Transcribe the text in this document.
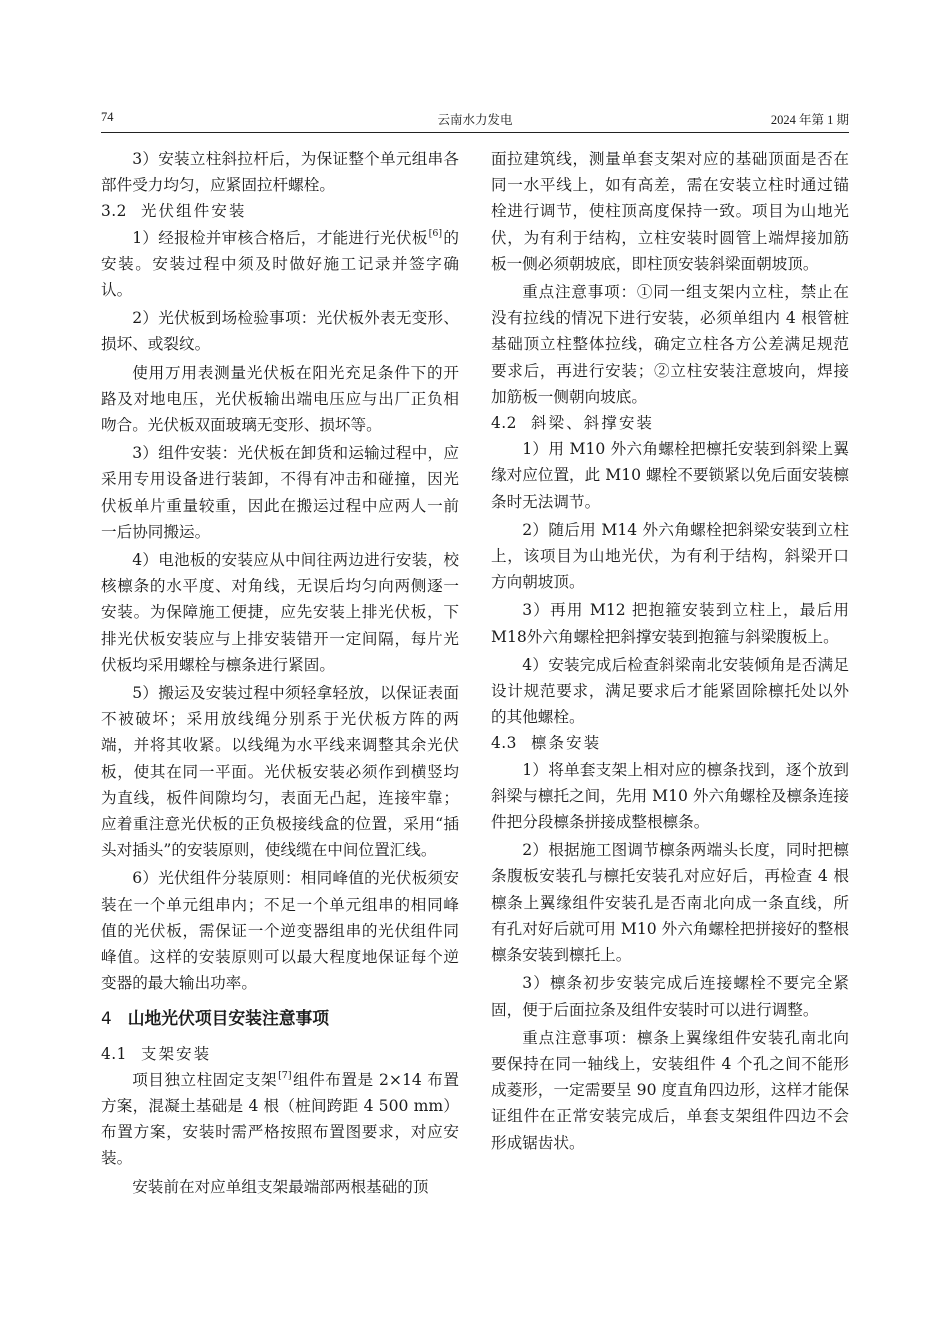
74	云南水力发电	2024 年第 1 期

3）安装立柱斜拉杆后，为保证整个单元组串各部件受力均匀，应紧固拉杆螺栓。

3.2 光伏组件安装

1）经报检并审核合格后，才能进行光伏板[6]的安装。安装过程中须及时做好施工记录并签字确认。

2）光伏板到场检验事项：光伏板外表无变形、损坏、或裂纹。

使用万用表测量光伏板在阳光充足条件下的开路及对地电压，光伏板输出端电压应与出厂正负相吻合。光伏板双面玻璃无变形、损坏等。

3）组件安装：光伏板在卸货和运输过程中，应采用专用设备进行装卸，不得有冲击和碰撞，因光伏板单片重量较重，因此在搬运过程中应两人一前一后协同搬运。

4）电池板的安装应从中间往两边进行安装，校核檩条的水平度、对角线，无误后均匀向两侧逐一安装。为保障施工便捷，应先安装上排光伏板，下排光伏板安装应与上排安装错开一定间隔，每片光伏板均采用螺栓与檩条进行紧固。

5）搬运及安装过程中须轻拿轻放，以保证表面不被破坏；采用放线绳分别系于光伏板方阵的两端，并将其收紧。以线绳为水平线来调整其余光伏板，使其在同一平面。光伏板安装必须作到横竖均为直线，板件间隙均匀，表面无凸起，连接牢靠；应着重注意光伏板的正负极接线盒的位置，采用“插头对插头”的安装原则，使线缆在中间位置汇线。

6）光伏组件分装原则：相同峰值的光伏板须安装在一个单元组串内；不足一个单元组串的相同峰值的光伏板，需保证一个逆变器组串的光伏组件同峰值。这样的安装原则可以最大程度地保证每个逆变器的最大输出功率。

4 山地光伏项目安装注意事项
4.1 支架安装

项目独立柱固定支架[7]组件布置是 2×14 布置方案，混凝土基础是 4 根（桩间跨距 4 500 mm）布置方案，安装时需严格按照布置图要求，对应安装。

安装前在对应单组支架最端部两根基础的顶

面拉建筑线，测量单套支架对应的基础顶面是否在同一水平线上，如有高差，需在安装立柱时通过锚栓进行调节，使柱顶高度保持一致。项目为山地光伏，为有利于结构，立柱安装时圆管上端焊接加筋板一侧必须朝坡底，即柱顶安装斜梁面朝坡顶。

重点注意事项：①同一组支架内立柱，禁止在没有拉线的情况下进行安装，必须单组内 4 根管桩基础顶立柱整体拉线，确定立柱各方公差满足规范要求后，再进行安装；②立柱安装注意坡向，焊接加筋板一侧朝向坡底。

4.2 斜梁、斜撑安装

1）用 M10 外六角螺栓把檩托安装到斜梁上翼缘对应位置，此 M10 螺栓不要锁紧以免后面安装檩条时无法调节。

2）随后用 M14 外六角螺栓把斜梁安装到立柱上，该项目为山地光伏，为有利于结构，斜梁开口方向朝坡顶。

3）再用 M12 把抱箍安装到立柱上，最后用 M18外六角螺栓把斜撑安装到抱箍与斜梁腹板上。

4）安装完成后检查斜梁南北安装倾角是否满足设计规范要求，满足要求后才能紧固除檩托处以外的其他螺栓。

4.3 檩条安装

1）将单套支架上相对应的檩条找到，逐个放到斜梁与檩托之间，先用 M10 外六角螺栓及檩条连接件把分段檩条拼接成整根檩条。

2）根据施工图调节檩条两端头长度，同时把檩条腹板安装孔与檩托安装孔对应好后，再检查 4 根檩条上翼缘组件安装孔是否南北向成一条直线，所有孔对好后就可用 M10 外六角螺栓把拼接好的整根檩条安装到檩托上。

3）檩条初步安装完成后连接螺栓不要完全紧固，便于后面拉条及组件安装时可以进行调整。

重点注意事项：檩条上翼缘组件安装孔南北向要保持在同一轴线上，安装组件 4 个孔之间不能形成菱形，一定需要呈 90 度直角四边形，这样才能保证组件在正常安装完成后，单套支架组件四边不会形成锯齿状。
